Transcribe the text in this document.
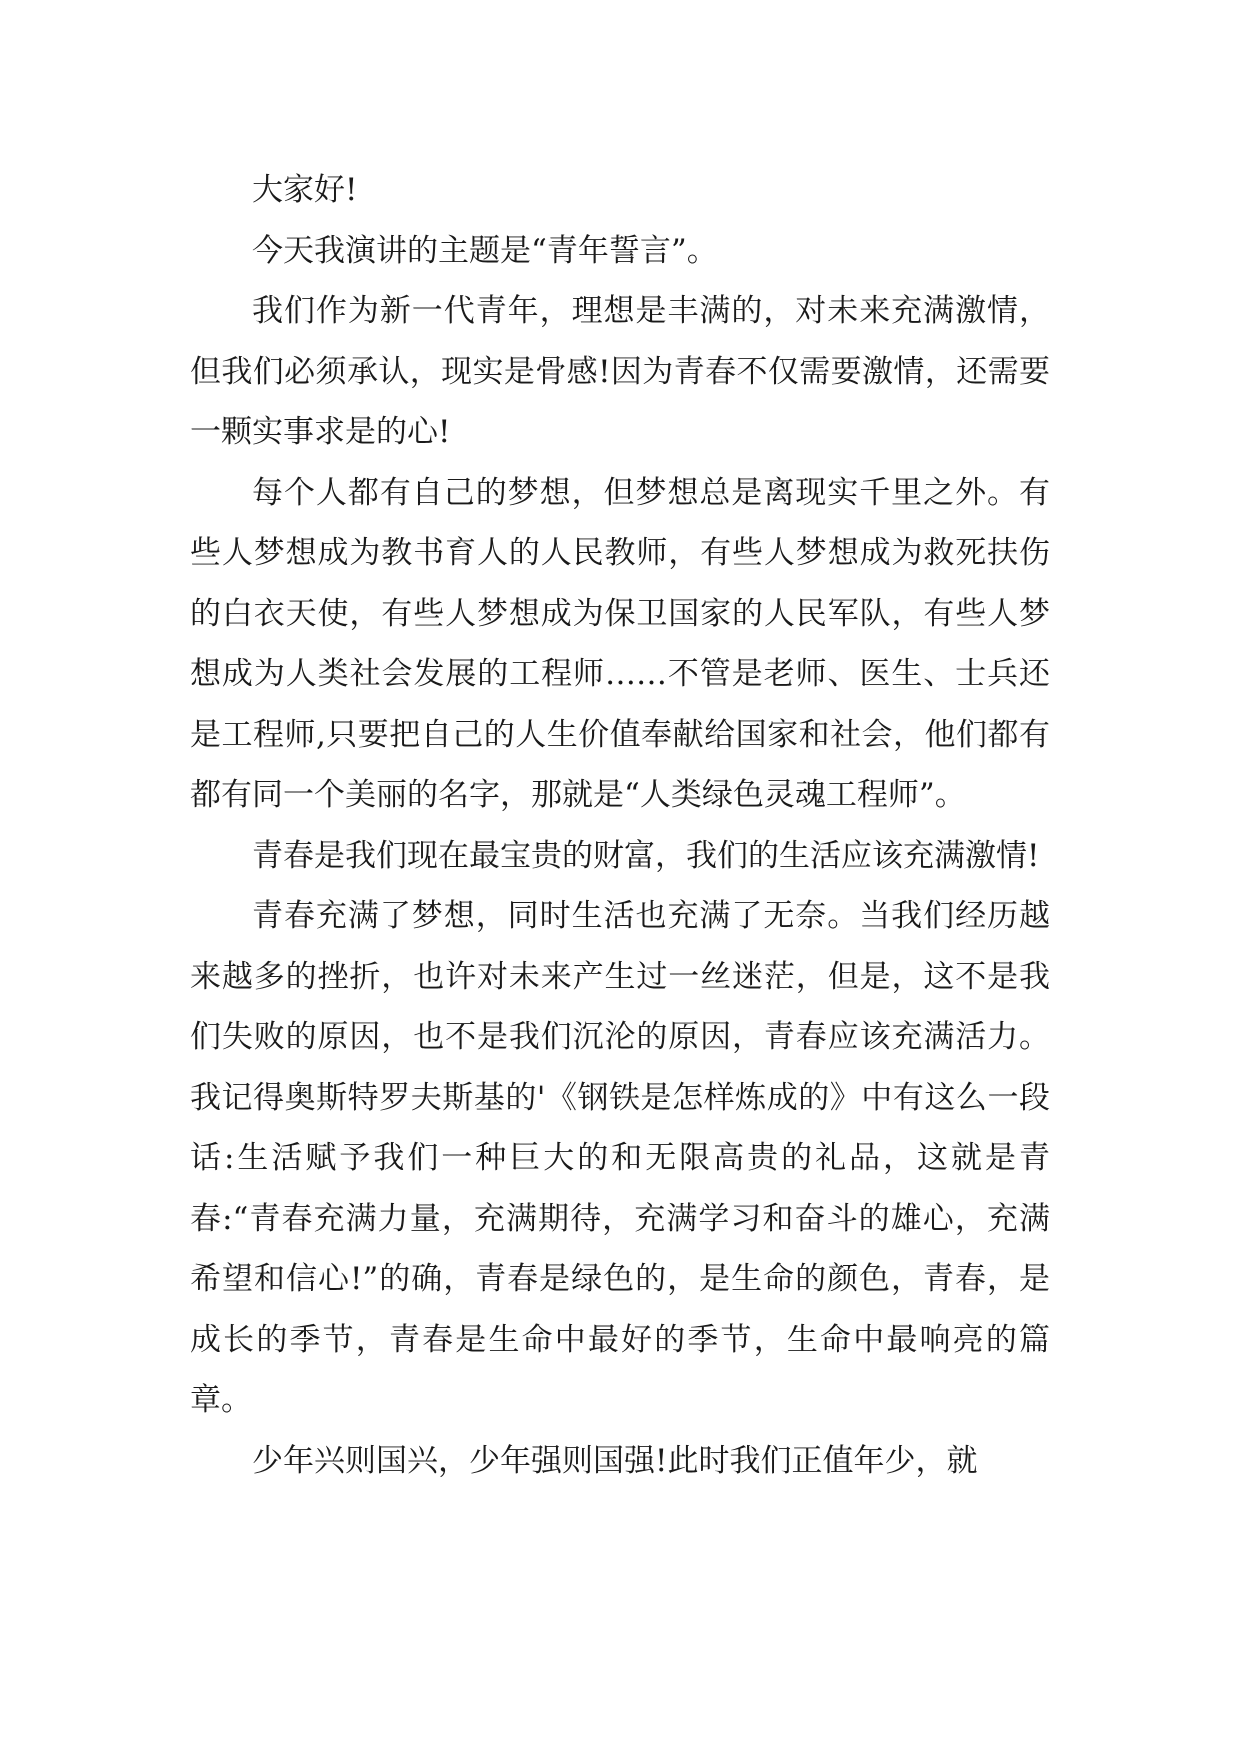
大家好!

今天我演讲的主题是“青年誓言”。

我们作为新一代青年，理想是丰满的，对未来充满激情，但我们必须承认，现实是骨感!因为青春不仅需要激情，还需要一颗实事求是的心!

每个人都有自己的梦想，但梦想总是离现实千里之外。有些人梦想成为教书育人的人民教师，有些人梦想成为救死扶伤的白衣天使，有些人梦想成为保卫国家的人民军队，有些人梦想成为人类社会发展的工程师……不管是老师、医生、士兵还是工程师,只要把自己的人生价值奉献给国家和社会，他们都有都有同一个美丽的名字，那就是“人类绿色灵魂工程师”。

青春是我们现在最宝贵的财富，我们的生活应该充满激情!

青春充满了梦想，同时生活也充满了无奈。当我们经历越来越多的挫折，也许对未来产生过一丝迷茫，但是，这不是我们失败的原因，也不是我们沉沦的原因，青春应该充满活力。我记得奥斯特罗夫斯基的'《钢铁是怎样炼成的》中有这么一段话:生活赋予我们一种巨大的和无限高贵的礼品，这就是青春:“青春充满力量，充满期待，充满学习和奋斗的雄心，充满希望和信心!”的确，青春是绿色的，是生命的颜色，青春，是成长的季节，青春是生命中最好的季节，生命中最响亮的篇章。

少年兴则国兴，少年强则国强!此时我们正值年少，就
